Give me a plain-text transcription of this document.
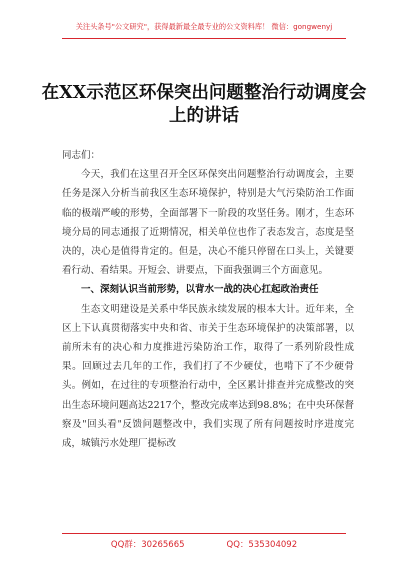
关注头条号"公文研究"，获得最新最全最专业的公文资料库！ 微信：gongwenyj
在XX示范区环保突出问题整治行动调度会上的讲话

同志们：

今天，我们在这里召开全区环保突出问题整治行动调度会，主要任务是深入分析当前我区生态环境保护，特别是大气污染防治工作面临的极端严峻的形势，全面部署下一阶段的攻坚任务。刚才，生态环境分局的同志通报了近期情况，相关单位也作了表态发言，态度是坚决的，决心是值得肯定的。但是，决心不能只停留在口头上，关键要看行动、看结果。开短会、讲要点，下面我强调三个方面意见。

一、深刻认识当前形势，以背水一战的决心扛起政治责任

生态文明建设是关系中华民族永续发展的根本大计。近年来，全区上下认真贯彻落实中央和省、市关于生态环境保护的决策部署，以前所未有的决心和力度推进污染防治工作，取得了一系列阶段性成果。回顾过去几年的工作，我们打了不少硬仗，也啃下了不少硬骨头。例如，在过往的专项整治行动中，全区累计排查并完成整改的突出生态环境问题高达2217个，整改完成率达到98.8%；在中央环保督察及"回头看"反馈问题整改中，我们实现了所有问题按时序进度完成，城镇污水处理厂提标改

QQ群：30265665	QQ：535304092
